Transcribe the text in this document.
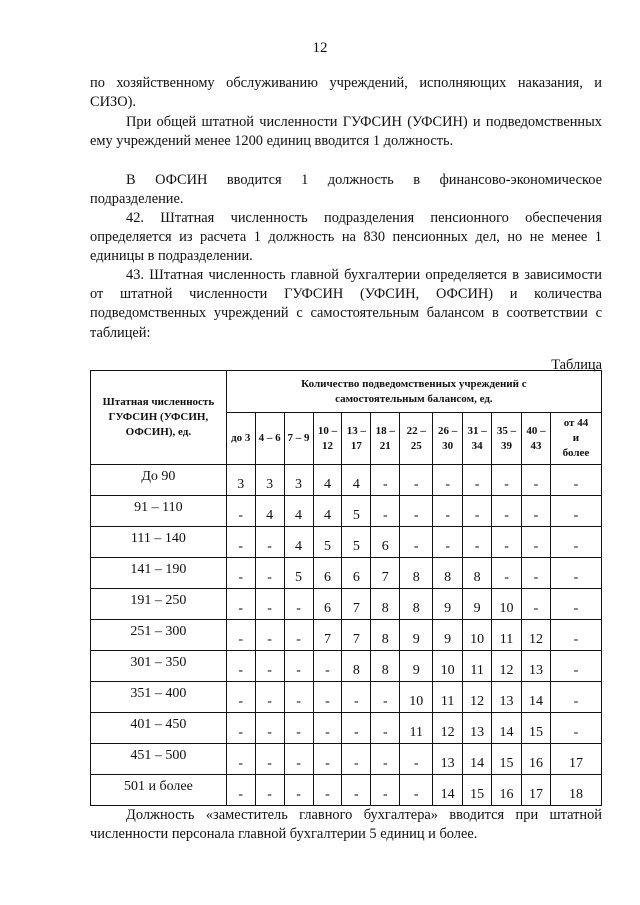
12

по хозяйственному обслуживанию учреждений, исполняющих наказания, и СИЗО).

При общей штатной численности ГУФСИН (УФСИН) и подведомственных ему учреждений менее 1200 единиц вводится 1 должность.

В ОФСИН вводится 1 должность в финансово-экономическое подразделение.

42. Штатная численность подразделения пенсионного обеспечения определяется из расчета 1 должность на 830 пенсионных дел, но не менее 1 единицы в подразделении.

43. Штатная численность главной бухгалтерии определяется в зависимости от штатной численности ГУФСИН (УФСИН, ОФСИН) и количества подведомственных учреждений с самостоятельным балансом в соответствии с таблицей:

Таблица
Штатная численность ГУФСИН (УФСИН, ОФСИН), ед.	Количество подведомственных учреждений с самостоятельным балансом, ед.											
	до 3	4 – 6	7 – 9	10 – 12	13 – 17	18 – 21	22 – 25	26 – 30	31 – 34	35 – 39	40 – 43	от 44 и более
До 90	3	3	3	4	4	-	-	-	-	-	-	-
91 – 110	-	4	4	4	5	-	-	-	-	-	-	-
111 – 140	-	-	4	5	5	6	-	-	-	-	-	-
141 – 190	-	-	5	6	6	7	8	8	8	-	-	-
191 – 250	-	-	-	6	7	8	8	9	9	10	-	-
251 – 300	-	-	-	7	7	8	9	9	10	11	12	-
301 – 350	-	-	-	-	8	8	9	10	11	12	13	-
351 – 400	-	-	-	-	-	-	10	11	12	13	14	-
401 – 450	-	-	-	-	-	-	11	12	13	14	15	-
451 – 500	-	-	-	-	-	-	-	13	14	15	16	17
501 и более	-	-	-	-	-	-	-	14	15	16	17	18

Должность «заместитель главного бухгалтера» вводится при штатной численности персонала главной бухгалтерии 5 единиц и более.
